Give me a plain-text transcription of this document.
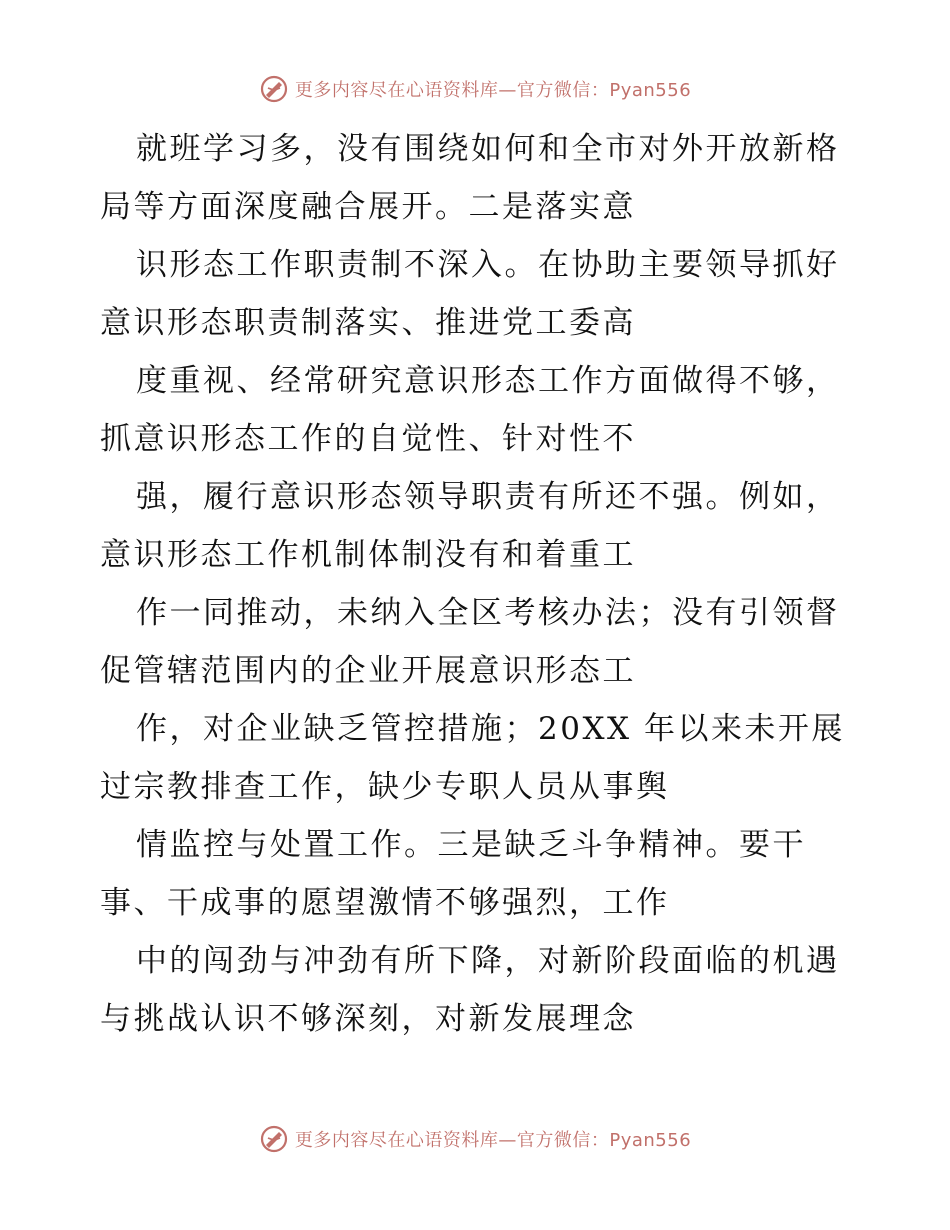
更多内容尽在心语资料库—官方微信：Pyan556

就班学习多，没有围绕如何和全市对外开放新格
局等方面深度融合展开。二是落实意

识形态工作职责制不深入。在协助主要领导抓好
意识形态职责制落实、推进党工委高

度重视、经常研究意识形态工作方面做得不够，
抓意识形态工作的自觉性、针对性不

强，履行意识形态领导职责有所还不强。例如，
意识形态工作机制体制没有和着重工

作一同推动，未纳入全区考核办法；没有引领督
促管辖范围内的企业开展意识形态工

作，对企业缺乏管控措施；20XX 年以来未开展
过宗教排查工作，缺少专职人员从事舆

情监控与处置工作。三是缺乏斗争精神。要干
事、干成事的愿望激情不够强烈，工作

中的闯劲与冲劲有所下降，对新阶段面临的机遇
与挑战认识不够深刻，对新发展理念

更多内容尽在心语资料库—官方微信：Pyan556
